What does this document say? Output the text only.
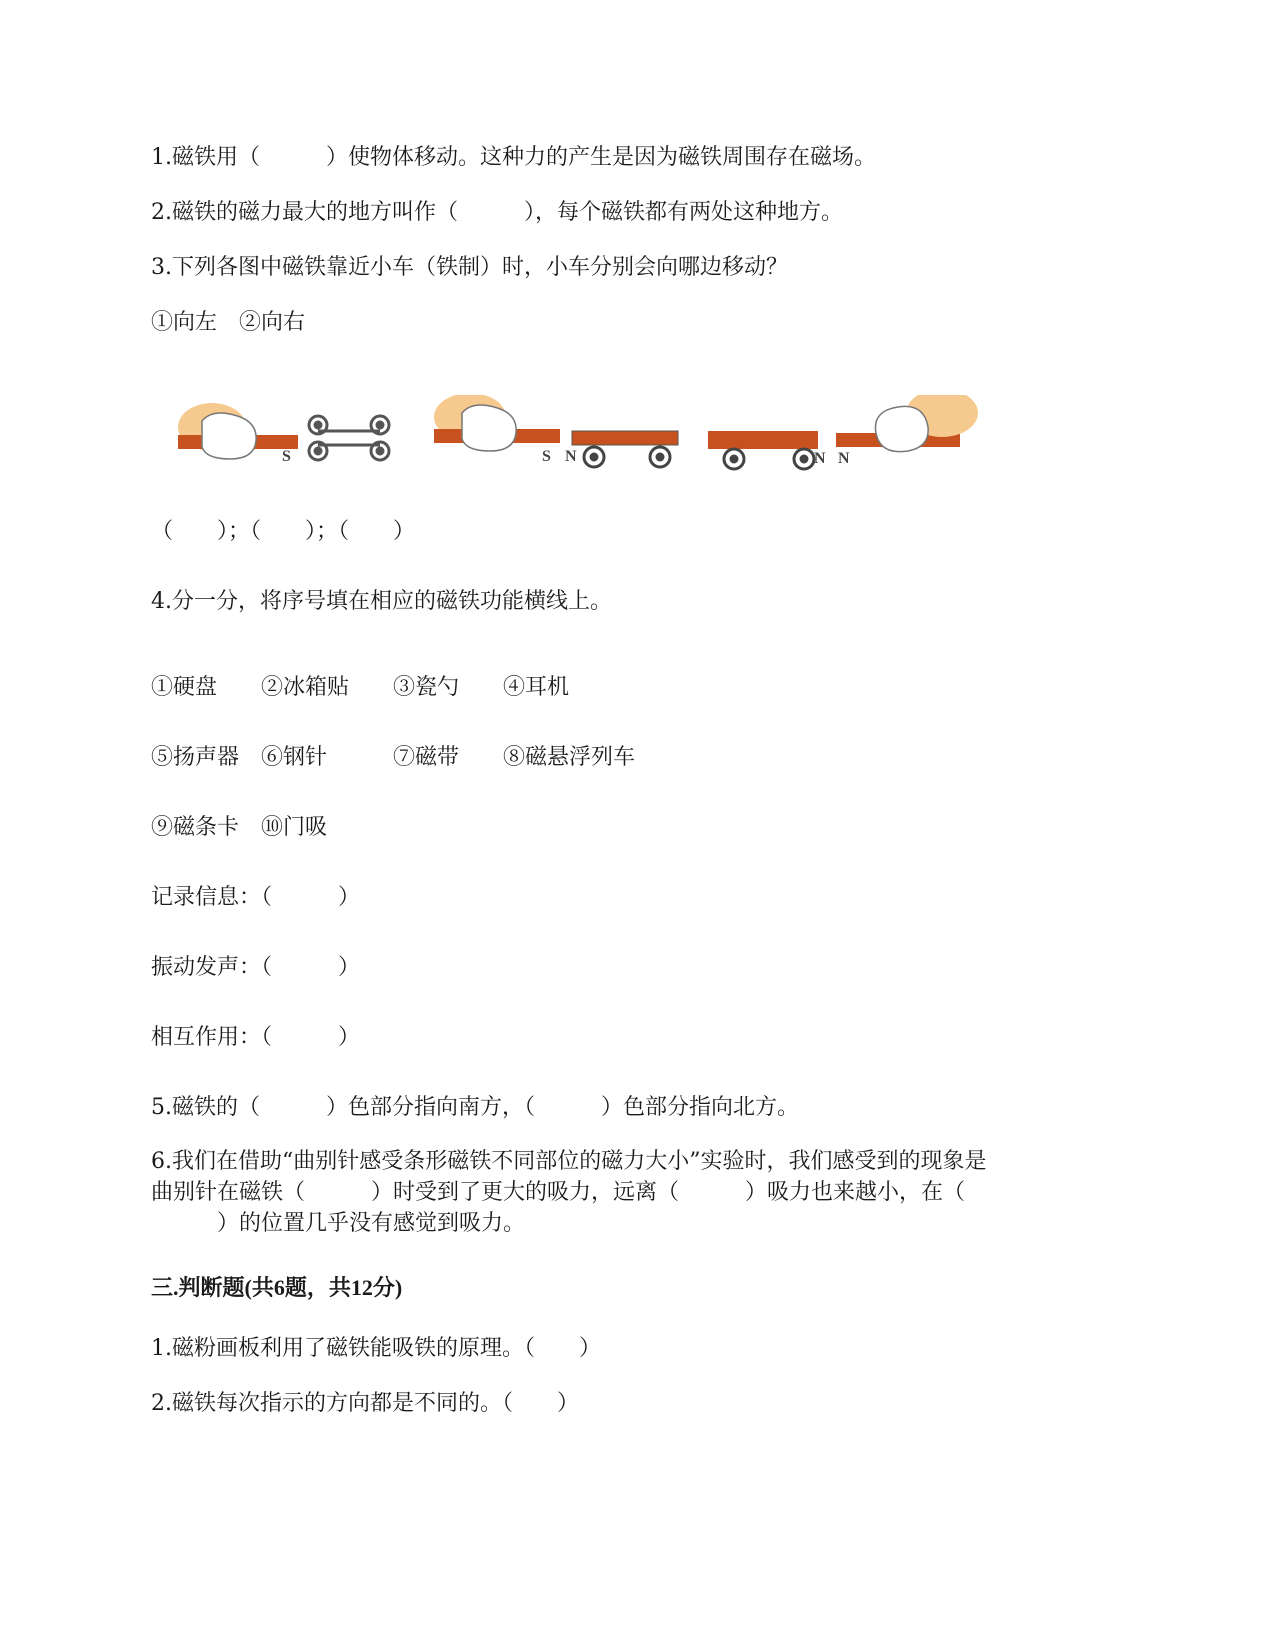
1.磁铁用（　　　）使物体移动。这种力的产生是因为磁铁周围存在磁场。
2.磁铁的磁力最大的地方叫作（　　　），每个磁铁都有两处这种地方。
3.下列各图中磁铁靠近小车（铁制）时，小车分别会向哪边移动？
①向左　②向右
S	S N	N N
（　　）；（　　）；（　　）
4.分一分，将序号填在相应的磁铁功能横线上。
①硬盘　　②冰箱贴　　③瓷勺　　④耳机
⑤扬声器　⑥钢针　　　⑦磁带　　⑧磁悬浮列车
⑨磁条卡　⑩门吸
记录信息：（　　　）
振动发声：（　　　）
相互作用：（　　　）
5.磁铁的（　　　）色部分指向南方，（　　　）色部分指向北方。
6.我们在借助“曲别针感受条形磁铁不同部位的磁力大小”实验时，我们感受到的现象是
曲别针在磁铁（　　　）时受到了更大的吸力，远离（　　　）吸力也来越小，在（
　　　）的位置几乎没有感觉到吸力。
三.判断题(共6题，共12分)
1.磁粉画板利用了磁铁能吸铁的原理。（　　）
2.磁铁每次指示的方向都是不同的。（　　）
